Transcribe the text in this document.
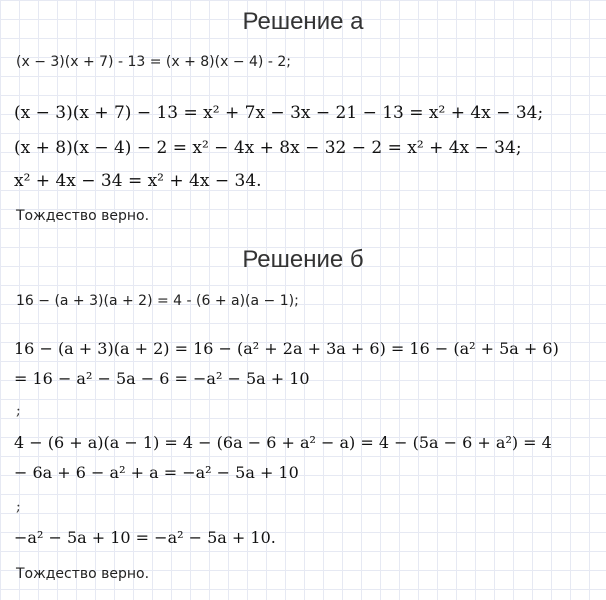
Решение а
(x − 3)(x + 7) - 13 = (x + 8)(x − 4) - 2;
(x − 3)(x + 7) − 13 = x² + 7x − 3x − 21 − 13 = x² + 4x − 34;
(x + 8)(x − 4) − 2 = x² − 4x + 8x − 32 − 2 = x² + 4x − 34;
x² + 4x − 34 = x² + 4x − 34.
Тождество верно.
Решение б
16 − (a + 3)(a + 2) = 4 - (6 + a)(a − 1);
16 − (a + 3)(a + 2) = 16 − (a² + 2a + 3a + 6) = 16 − (a² + 5a + 6)
= 16 − a² − 5a − 6 = −a² − 5a + 10
;
4 − (6 + a)(a − 1) = 4 − (6a − 6 + a² − a) = 4 − (5a − 6 + a²) = 4
− 6a + 6 − a² + a = −a² − 5a + 10
;
−a² − 5a + 10 = −a² − 5a + 10.
Тождество верно.
